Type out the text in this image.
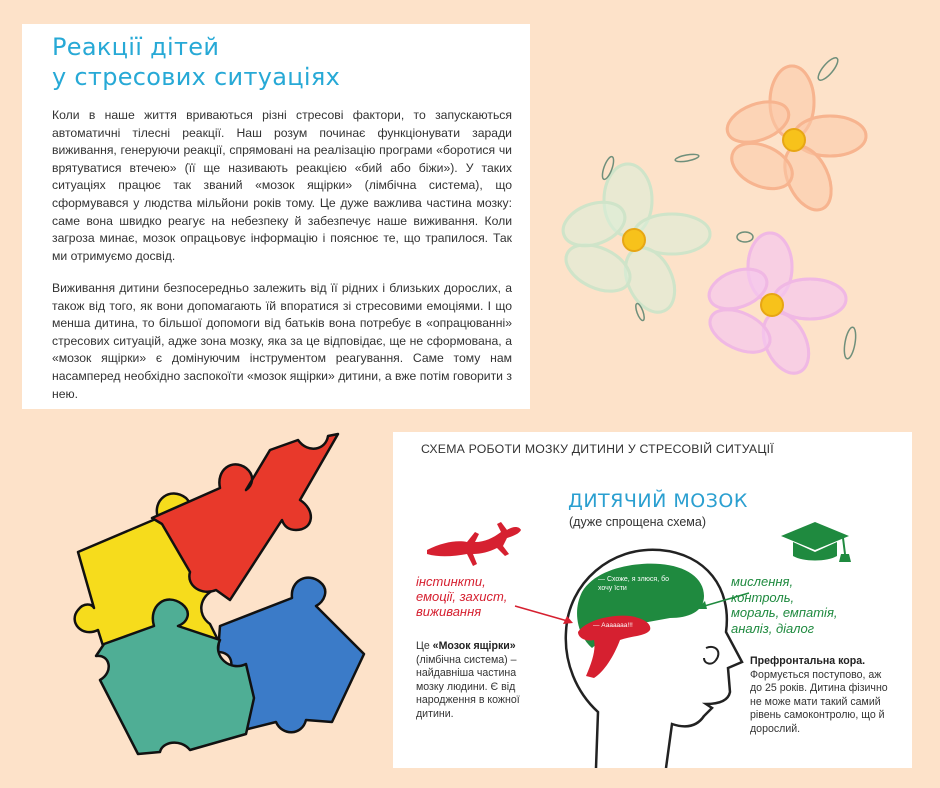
Реакції дітей
у стресових ситуаціях

Коли в наше життя вриваються різні стресові фактори, то запускаються автоматичні тілесні реакції. Наш розум починає функціонувати заради виживання, генеруючи реакції, спрямовані на реалізацію програми «боротися чи врятуватися втечею» (її ще називають реакцією «бий або біжи»). У таких ситуаціях працює так званий «мозок ящірки» (лімбічна система), що сформувався у людства мільйони років тому. Це дуже важлива частина мозку: саме вона швидко реагує на небезпеку й забезпечує наше виживання. Коли загроза минає, мозок опрацьовує інформацію і пояснює те, що трапилося. Так ми отримуємо досвід.

Виживання дитини безпосередньо залежить від її рідних і близьких дорослих, а також від того, як вони допомагають їй впоратися зі стресовими емоціями. І що менша дитина, то більшої допомоги від батьків вона потребує в «опрацюванні» стресових ситуацій, адже зона мозку, яка за це відповідає, ще не сформована, а «мозок ящірки» є домінуючим інструментом реагування. Саме тому нам насамперед необхідно заспокоїти «мозок ящірки» дитини, а вже потім говорити з нею.

СХЕМА РОБОТИ МОЗКУ ДИТИНИ У СТРЕСОВІЙ СИТУАЦІЇ
ДИТЯЧИЙ МОЗОК

(дуже спрощена схема)

— Схоже, я злюся, бо хочу їсти
— Ааааааа!!!
інстинкти,
емоції, захист,
виживання
мислення,
контроль,
мораль, емпатія,
аналіз, діалог
Це «Мозок ящірки» (лімбічна система) – найдавніша частина мозку людини. Є від народження в кожної дитини.
Префронтальна кора. Формується поступово, аж до 25 років. Дитина фізично не може мати такий самий рівень самоконтролю, що й дорослий.
